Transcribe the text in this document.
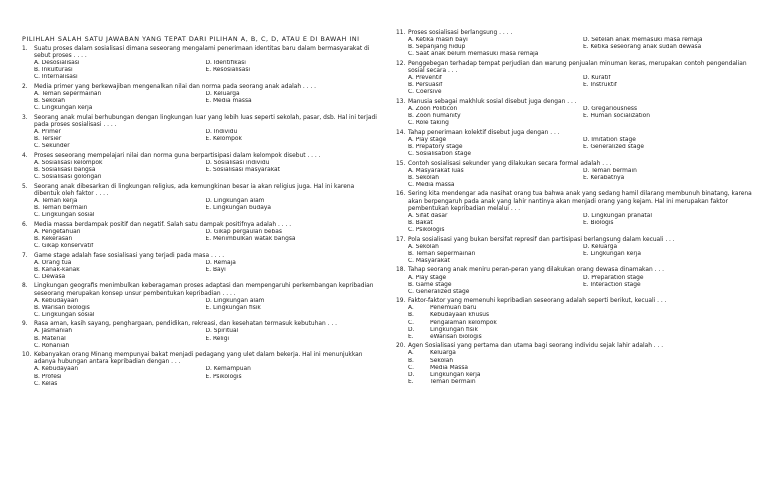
PILIHLAH SALAH SATU JAWABAN YANG TEPAT DARI PILIHAN A, B, C, D, ATAU E DI BAWAH INI
1.	Suatu proses dalam sosialisasi dimana seseorang mengalami penerimaan identitas baru dalam bermasyarakat di sebut proses . . . .
A. Desosialisasi	D. Identifikasi
B. Inkulturasi	E. Resosialisasi
C. Internalisasi
2.	Media primer yang berkewajiban mengenalkan nilai dan norma pada seorang anak adalah . . . .
A. Teman sepermainan	D. Keluarga
B. Sekolah	E. Media massa
C. Lingkungan kerja
3.	Seorang anak mulai berhubungan dengan lingkungan luar yang lebih luas seperti sekolah, pasar, dsb. Hal ini terjadi pada proses sosialisasi . . . .
A. Primer	D. Individu
B. Tersier	E. Kelompok
C. Sekunder
4.	Proses seseorang mempelajari nilai dan norma guna berpartisipasi dalam kelompok disebut . . . .
A. Sosialisasi kelompok	D. Sosialisasi individu
B. Sosialisasi bangsa	E. Sosialisasi masyarakat
C. Sosialisasi golongan
5.	Seorang anak dibesarkan di lingkungan religius, ada kemungkinan besar ia akan religius juga. Hal ini karena dibentuk oleh faktor . . . .
A. Teman kerja	D. Lingkungan alam
B. Teman bermain	E. Lingkungan budaya
C. Lingkungan sosial
6.	Media massa berdampak positif dan negatif. Salah satu dampak positifnya adalah . . . .
A. Pengetahuan	D. Gikap pergaulan bebas
B. Kekerasan	E. Menimbulkan watak bangsa
C. Gikap konservatif
7.	Game stage adalah fase sosialisasi yang terjadi pada masa . . . .
A. Orang tua	D. Remaja
B. Kanak-kanak	E. Bayi
C. Dewasa
8.	Lingkungan geografis menimbulkan keberagaman proses adaptasi dan mempengaruhi perkembangan kepribadian seseorang merupakan konsep unsur pembentukan kepribadian . . . .
A. Kebudayaan	D. Lingkungan alam
B. Warisan biologis	E. Lingkungan fisik
C. Lingkungan sosial
9.	Rasa aman, kasih sayang, penghargaan, pendidikan, rekreasi, dan kesehatan termasuk kebutuhan . . .
A. Jasmaniah	D. Spiritual
B. Material	E. Religi
C. Rohaniah
10. Kebanyakan orang Minang mempunyai bakat menjadi pedagang yang ulet dalam bekerja. Hal ini menunjukkan adanya hubungan antara kepribadian dengan . . .
A. Kebudayaan	D. Kemampuan
B. Profesi	E. Psikologis
C. Kelas
11. Proses sosialisasi berlangsung . . . .
A. Ketika masih bayi	D. Setelah anak memasuki masa remaja
B. Sepanjang hidup	E. Ketika seseorang anak sudah dewasa
C. Saat anak belum memasuki masa remaja
12. Penggebegan terhadap tempat perjudian dan warung penjualan minuman keras, merupakan contoh pengendalian sosial secara . . .
A. Preventif	D. Kuratif
B. Persuasif	E. Instruktif
C. Coersive
13. Manusia sebagai makhluk sosial disebut juga dengan . . .
A. Zoon Politicon	D. Gregariousness
B. Zoon humanity	E. Human socialization
C. Role taking
14. Tahap penerimaan kolektif disebut juga dengan . . .
A. Play stage	D. Imitation stage
B. Prepatory stage	E. Generalized stage
C. Sosialisation stage
15. Contoh sosialisasi sekunder yang dilakukan secara formal adalah . . .
A. Masyarakat luas	D. Teman bermain
B. Sekolah	E. Kerabatnya
C. Media massa
16. Sering kita mendengar ada nasihat orang tua bahwa anak yang sedang hamil dilarang membunuh binatang, karena akan berpengaruh pada anak yang lahir nantinya akan menjadi orang yang kejam. Hal ini merupakan faktor pembentukan kepribadian melalui . . .
A. Sifat dasar	D. Lingkungan pranatal
B. Bakat	E. Biologis
C. Psikologis
17. Pola sosialisasi yang bukan bersifat represif dan partisipasi berlangsung dalam kecuali . . .
A. Sekolah	D. Keluarga
B. Teman sepermainan	E. Lingkungan kerja
C. Masyarakat
18. Tahap seorang anak meniru peran-peran yang dilakukan orang dewasa dinamakan . . .
A. Play stage	D. Preparation stage
B. Game stage	E. Interaction stage
C. Generalized stage
19. Faktor-faktor yang memenuhi kepribadian seseorang adalah seperti berikut, kecuali . . .
A.	Penemuan baru
B.	Kebudayaan khusus
C.	Pengalaman kelompok
D.	Lingkungan fisik
E.	eWarisan biologis
20. Agen Sosialisasi yang pertama dan utama bagi seorang individu sejak lahir adalah . . .
A.	Keluarga
B.	Sekolah
C.	Media Massa
D.	Lingkungan kerja
E.	Teman bermain
